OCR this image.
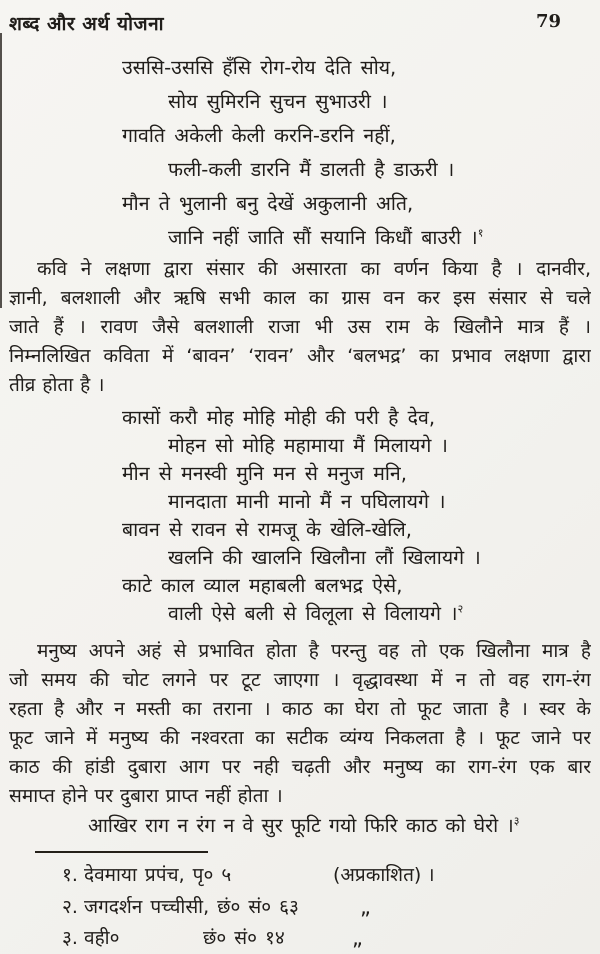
शब्द और अर्थ योजना	79
उससि-उससि हँसि रोग-रोय देति सोय,
सोय सुमिरनि सुचन सुभाउरी ।
गावति अकेली केली करनि-डरनि नहीं,
फली-कली डारनि मैं डालती है डाऊरी ।
मौन ते भुलानी बनु देखें अकुलानी अति,
जानि नहीं जाति सौं सयानि किधौं बाउरी ।$^१$
कवि ने लक्षणा द्वारा संसार की असारता का वर्णन किया है । दानवीर,
ज्ञानी, बलशाली और ऋषि सभी काल का ग्रास वन कर इस संसार से चले
जाते हैं । रावण जैसे बलशाली राजा भी उस राम के खिलौने मात्र हैं ।
निम्नलिखित कविता में ‘बावन’ ‘रावन’ और ‘बलभद्र’ का प्रभाव लक्षणा द्वारा
तीव्र होता है ।
कासों करौ मोह मोहि मोही की परी है देव,
मोहन सो मोहि महामाया मैं मिलायगे ।
मीन से मनस्वी मुनि मन से मनुज मनि,
मानदाता मानी मानो मैं न पघिलायगे ।
बावन से रावन से रामजू के खेलि-खेलि,
खलनि की खालनि खिलौना लौं खिलायगे ।
काटे काल व्याल महाबली बलभद्र ऐसे,
वाली ऐसे बली से विलूला से विलायगे ।$^२$
मनुष्य अपने अहं से प्रभावित होता है परन्तु वह तो एक खिलौना मात्र है
जो समय की चोट लगने पर टूट जाएगा । वृद्धावस्था में न तो वह राग-रंग
रहता है और न मस्ती का तराना । काठ का घेरा तो फूट जाता है । स्वर के
फूट जाने में मनुष्य की नश्वरता का सटीक व्यंग्य निकलता है । फूट जाने पर
काठ की हांडी दुबारा आग पर नही चढ़ती और मनुष्य का राग-रंग एक बार
समाप्त होने पर दुबारा प्राप्त नहीं होता ।
आखिर राग न रंग न वे सुर फूटि गयो फिरि काठ को घेरो ।$^३$
१. देवमाया प्रपंच, पृ० ५	(अप्रकाशित) ।
२. जगदर्शन पच्चीसी, छं० सं० ६३	„
३. वही०	छं० सं० १४	„
